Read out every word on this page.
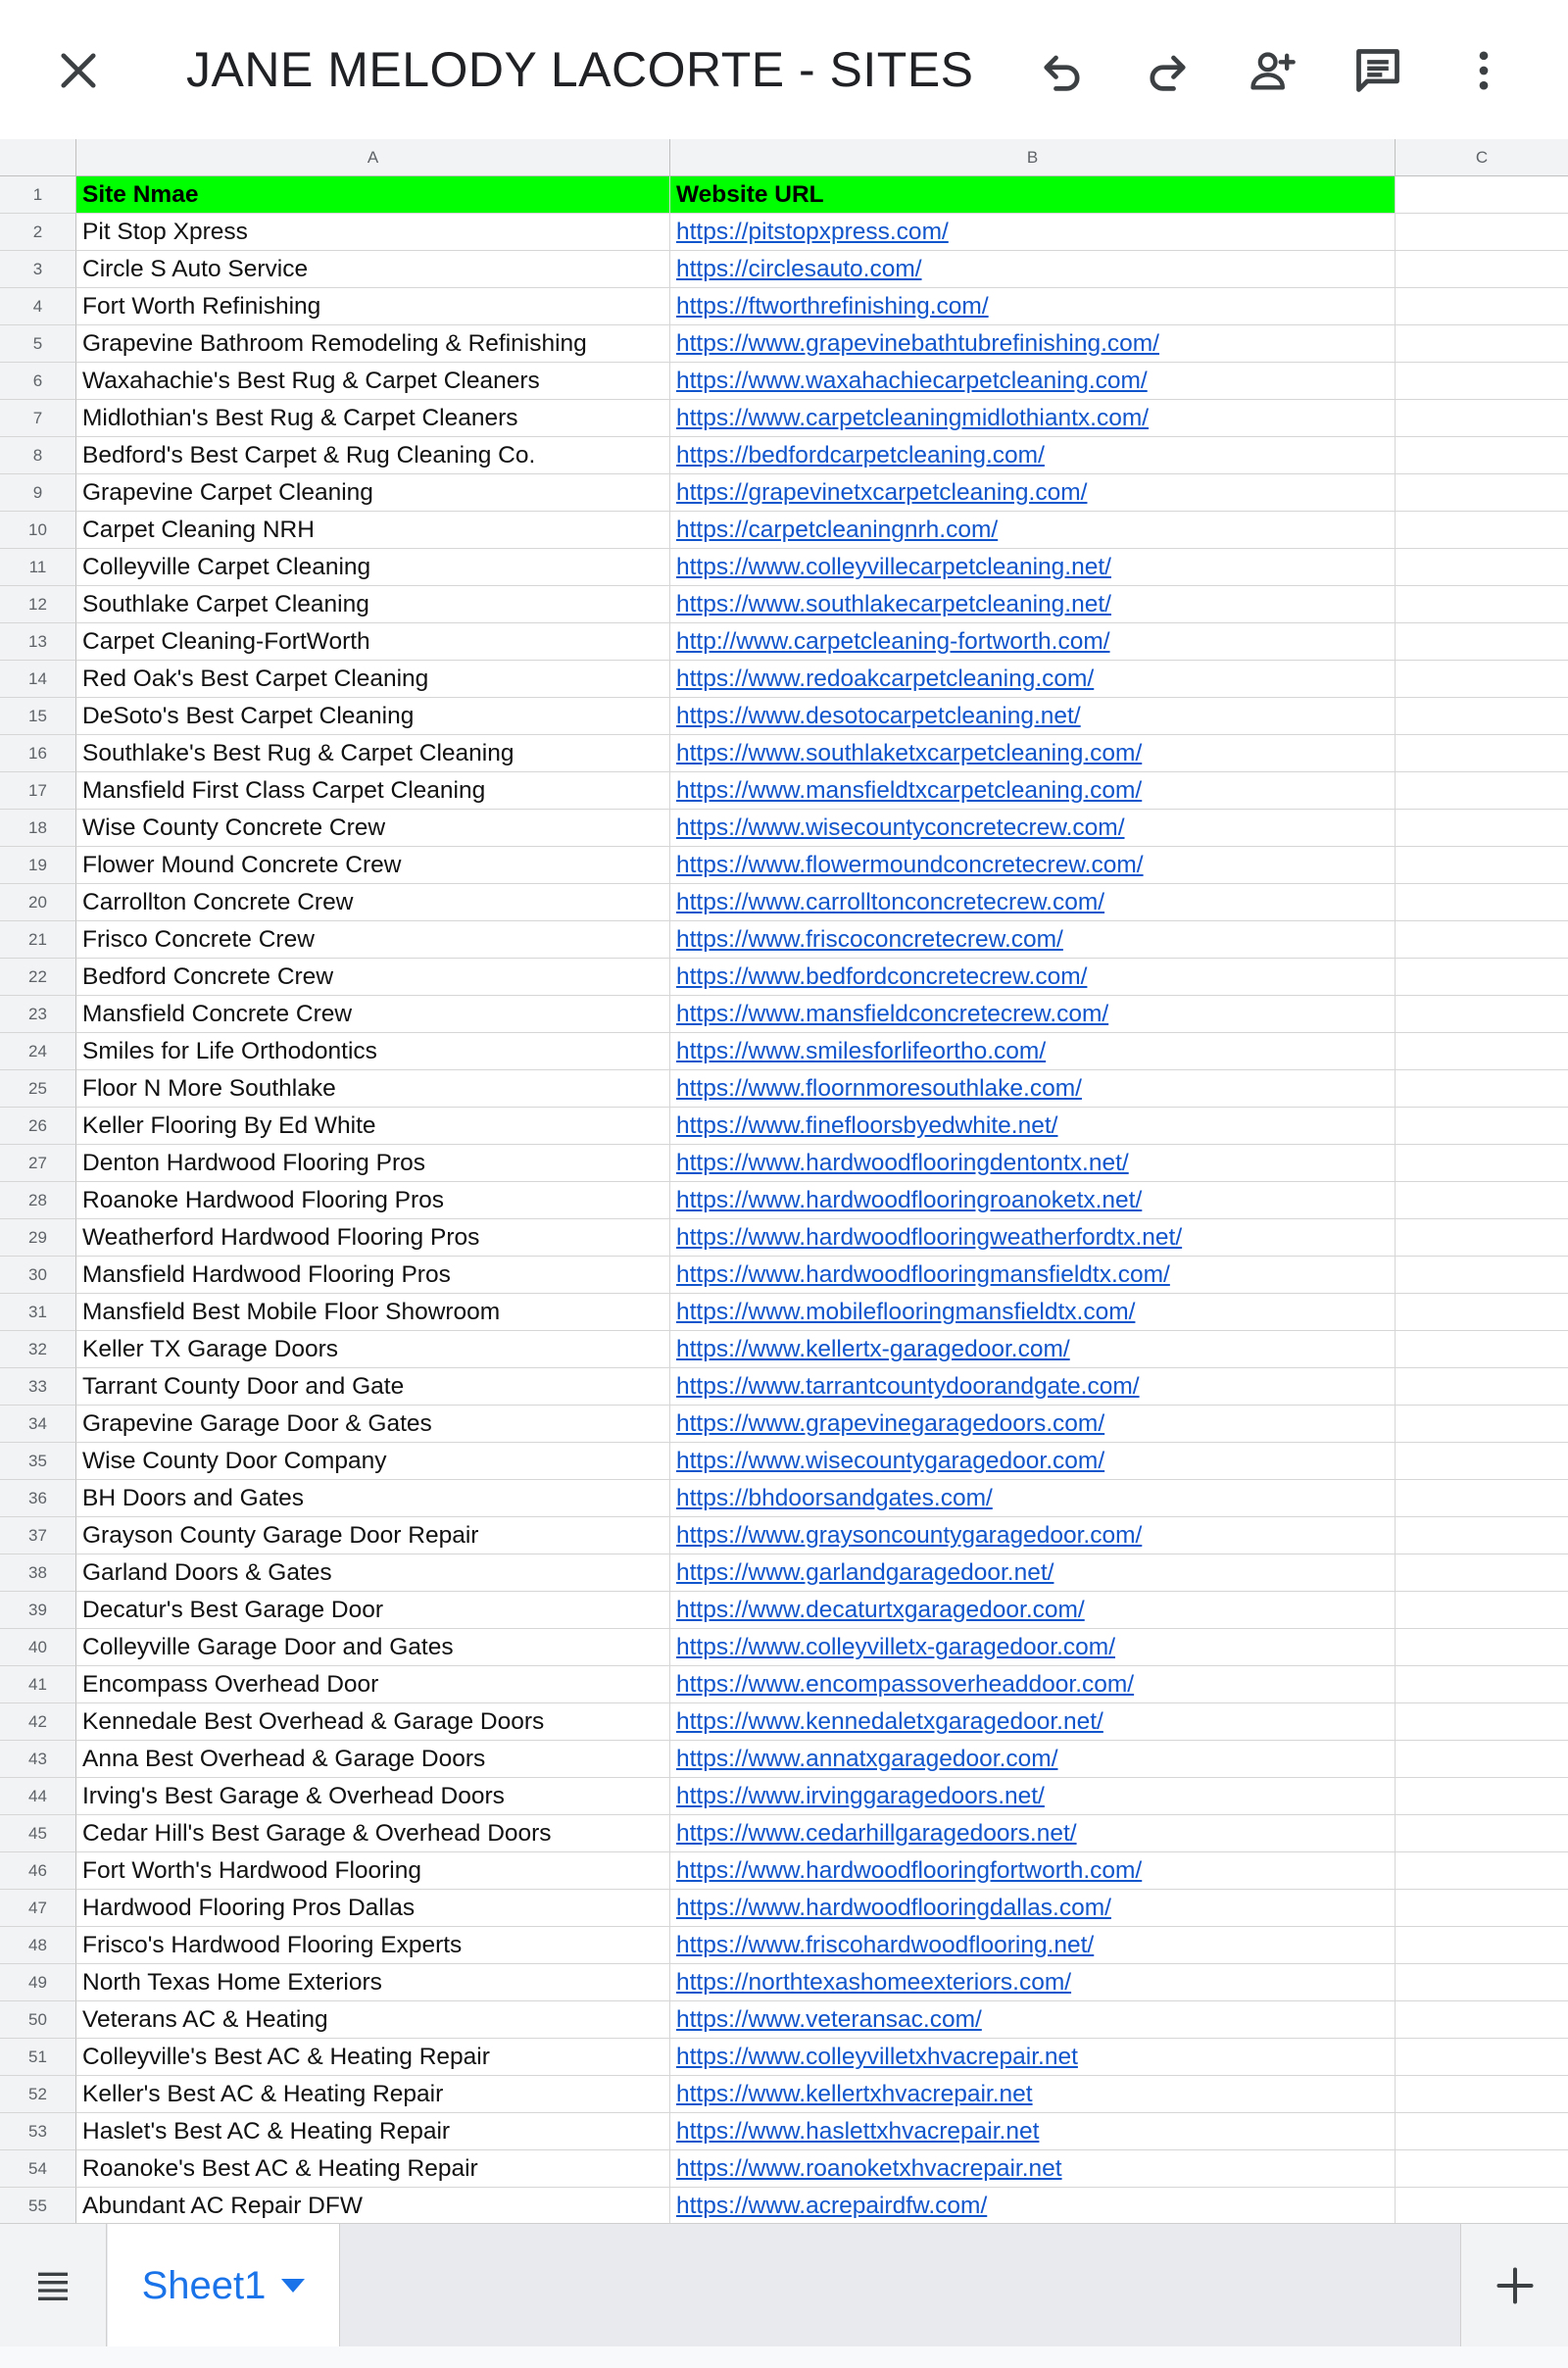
JANE MELODY LACORTE - SITES
A	B	C
1	Site Nmae	Website URL
2	Pit Stop Xpress	https://pitstopxpress.com/
3	Circle S Auto Service	https://circlesauto.com/
4	Fort Worth Refinishing	https://ftworthrefinishing.com/
5	Grapevine Bathroom Remodeling & Refinishing	https://www.grapevinebathtubrefinishing.com/
6	Waxahachie's Best Rug & Carpet Cleaners	https://www.waxahachiecarpetcleaning.com/
7	Midlothian's Best Rug & Carpet Cleaners	https://www.carpetcleaningmidlothiantx.com/
8	Bedford's Best Carpet & Rug Cleaning Co.	https://bedfordcarpetcleaning.com/
9	Grapevine Carpet Cleaning	https://grapevinetxcarpetcleaning.com/
10	Carpet Cleaning NRH	https://carpetcleaningnrh.com/
11	Colleyville Carpet Cleaning	https://www.colleyvillecarpetcleaning.net/
12	Southlake Carpet Cleaning	https://www.southlakecarpetcleaning.net/
13	Carpet Cleaning-FortWorth	http://www.carpetcleaning-fortworth.com/
14	Red Oak's Best Carpet Cleaning	https://www.redoakcarpetcleaning.com/
15	DeSoto's Best Carpet Cleaning	https://www.desotocarpetcleaning.net/
16	Southlake's Best Rug & Carpet Cleaning	https://www.southlaketxcarpetcleaning.com/
17	Mansfield First Class Carpet Cleaning	https://www.mansfieldtxcarpetcleaning.com/
18	Wise County Concrete Crew	https://www.wisecountyconcretecrew.com/
19	Flower Mound Concrete Crew	https://www.flowermoundconcretecrew.com/
20	Carrollton Concrete Crew	https://www.carrolltonconcretecrew.com/
21	Frisco Concrete Crew	https://www.friscoconcretecrew.com/
22	Bedford Concrete Crew	https://www.bedfordconcretecrew.com/
23	Mansfield Concrete Crew	https://www.mansfieldconcretecrew.com/
24	Smiles for Life Orthodontics	https://www.smilesforlifeortho.com/
25	Floor N More Southlake	https://www.floornmoresouthlake.com/
26	Keller Flooring By Ed White	https://www.finefloorsbyedwhite.net/
27	Denton Hardwood Flooring Pros	https://www.hardwoodflooringdentontx.net/
28	Roanoke Hardwood Flooring Pros	https://www.hardwoodflooringroanoketx.net/
29	Weatherford Hardwood Flooring Pros	https://www.hardwoodflooringweatherfordtx.net/
30	Mansfield Hardwood Flooring Pros	https://www.hardwoodflooringmansfieldtx.com/
31	Mansfield Best Mobile Floor Showroom	https://www.mobileflooringmansfieldtx.com/
32	Keller TX Garage Doors	https://www.kellertx-garagedoor.com/
33	Tarrant County Door and Gate	https://www.tarrantcountydoorandgate.com/
34	Grapevine Garage Door & Gates	https://www.grapevinegaragedoors.com/
35	Wise County Door Company	https://www.wisecountygaragedoor.com/
36	BH Doors and Gates	https://bhdoorsandgates.com/
37	Grayson County Garage Door Repair	https://www.graysoncountygaragedoor.com/
38	Garland Doors & Gates	https://www.garlandgaragedoor.net/
39	Decatur's Best Garage Door	https://www.decaturtxgaragedoor.com/
40	Colleyville Garage Door and Gates	https://www.colleyvilletx-garagedoor.com/
41	Encompass Overhead Door	https://www.encompassoverheaddoor.com/
42	Kennedale Best Overhead & Garage Doors	https://www.kennedaletxgaragedoor.net/
43	Anna Best Overhead & Garage Doors	https://www.annatxgaragedoor.com/
44	Irving's Best Garage & Overhead Doors	https://www.irvinggaragedoors.net/
45	Cedar Hill's Best Garage & Overhead Doors	https://www.cedarhillgaragedoors.net/
46	Fort Worth's Hardwood Flooring	https://www.hardwoodflooringfortworth.com/
47	Hardwood Flooring Pros Dallas	https://www.hardwoodflooringdallas.com/
48	Frisco's Hardwood Flooring Experts	https://www.friscohardwoodflooring.net/
49	North Texas Home Exteriors	https://northtexashomeexteriors.com/
50	Veterans AC & Heating	https://www.veteransac.com/
51	Colleyville's Best AC & Heating Repair	https://www.colleyvilletxhvacrepair.net
52	Keller's Best AC & Heating Repair	https://www.kellertxhvacrepair.net
53	Haslet's Best AC & Heating Repair	https://www.haslettxhvacrepair.net
54	Roanoke's Best AC & Heating Repair	https://www.roanoketxhvacrepair.net
55	Abundant AC Repair DFW	https://www.acrepairdfw.com/
Sheet1
